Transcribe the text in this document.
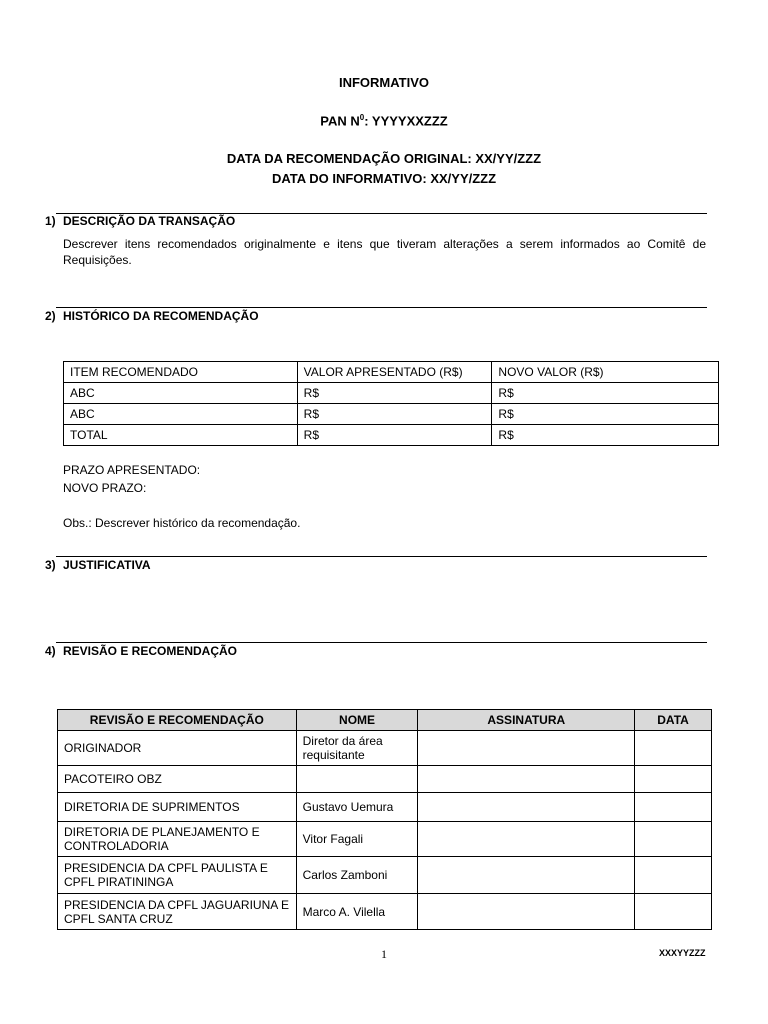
INFORMATIVO
PAN $N^0$: YYYYXXZZZ
DATA DA RECOMENDAÇÃO ORIGINAL: XX/YY/ZZZ
DATA DO INFORMATIVO: XX/YY/ZZZ
1) DESCRIÇÃO DA TRANSAÇÃO
Descrever itens recomendados originalmente e itens que tiveram alterações a serem informados ao Comitê de Requisições.
2) HISTÓRICO DA RECOMENDAÇÃO
ITEM RECOMENDADO	VALOR APRESENTADO (R$)	NOVO VALOR (R$)
ABC	R$	R$
ABC	R$	R$
TOTAL	R$	R$
PRAZO APRESENTADO:
NOVO PRAZO:
Obs.: Descrever histórico da recomendação.
3) JUSTIFICATIVA
4) REVISÃO E RECOMENDAÇÃO
REVISÃO E RECOMENDAÇÃO	NOME	ASSINATURA	DATA
ORIGINADOR	Diretor da área requisitante		
PACOTEIRO OBZ			
DIRETORIA DE SUPRIMENTOS	Gustavo Uemura		
DIRETORIA DE PLANEJAMENTO E CONTROLADORIA	Vitor Fagali		
PRESIDENCIA DA CPFL PAULISTA E CPFL PIRATININGA	Carlos Zamboni		
PRESIDENCIA DA CPFL JAGUARIUNA E CPFL SANTA CRUZ	Marco A. Vilella		
1	XXXYYZZZ
